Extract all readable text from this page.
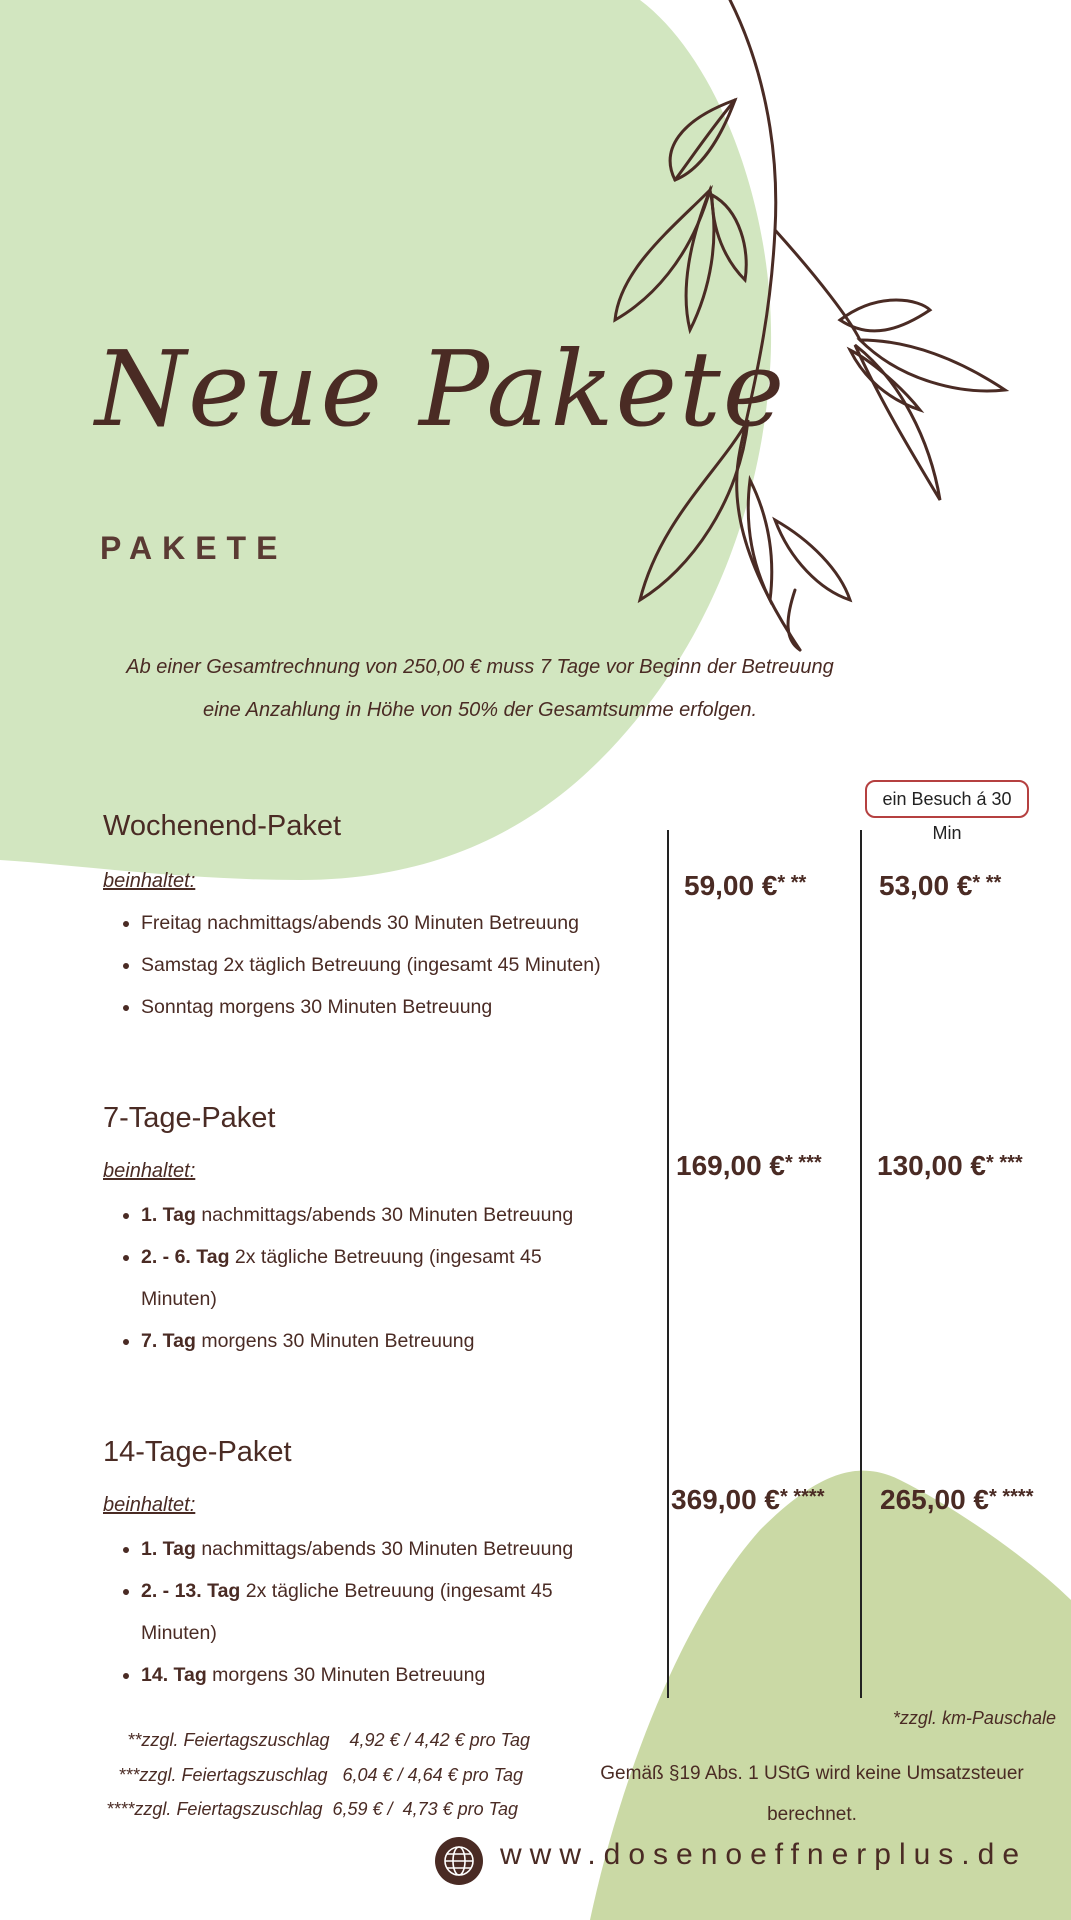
Neue Pakete
PAKETE
Ab einer Gesamtrechnung von 250,00 € muss 7 Tage vor Beginn der Betreuung
eine Anzahlung in Höhe von 50% der Gesamtsumme erfolgen.
ein Besuch á 30 Min
Wochenend-Paket
beinhaltet:
• Freitag nachmittags/abends 30 Minuten Betreuung
• Samstag 2x täglich Betreuung (ingesamt 45 Minuten)
• Sonntag morgens 30 Minuten Betreuung
59,00 €* **	53,00 €* **
7-Tage-Paket
beinhaltet:
• 1. Tag nachmittags/abends 30 Minuten Betreuung
• 2. - 6. Tag 2x tägliche Betreuung (ingesamt 45 Minuten)
• 7. Tag morgens 30 Minuten Betreuung
169,00 €* *** 130,00 €* ***
14-Tage-Paket
beinhaltet:
• 1. Tag nachmittags/abends 30 Minuten Betreuung
• 2. - 13. Tag 2x tägliche Betreuung (ingesamt 45 Minuten)
• 14. Tag morgens 30 Minuten Betreuung
369,00 €* **** 265,00 €* ****
**zzgl. Feiertagszuschlag    4,92 € / 4,42 € pro Tag
***zzgl. Feiertagszuschlag   6,04 € / 4,64 € pro Tag
****zzgl. Feiertagszuschlag  6,59 € /  4,73 € pro Tag
*zzgl. km-Pauschale
Gemäß §19 Abs. 1 UStG wird keine Umsatzsteuer
berechnet.
www.dosenoeffnerplus.de
